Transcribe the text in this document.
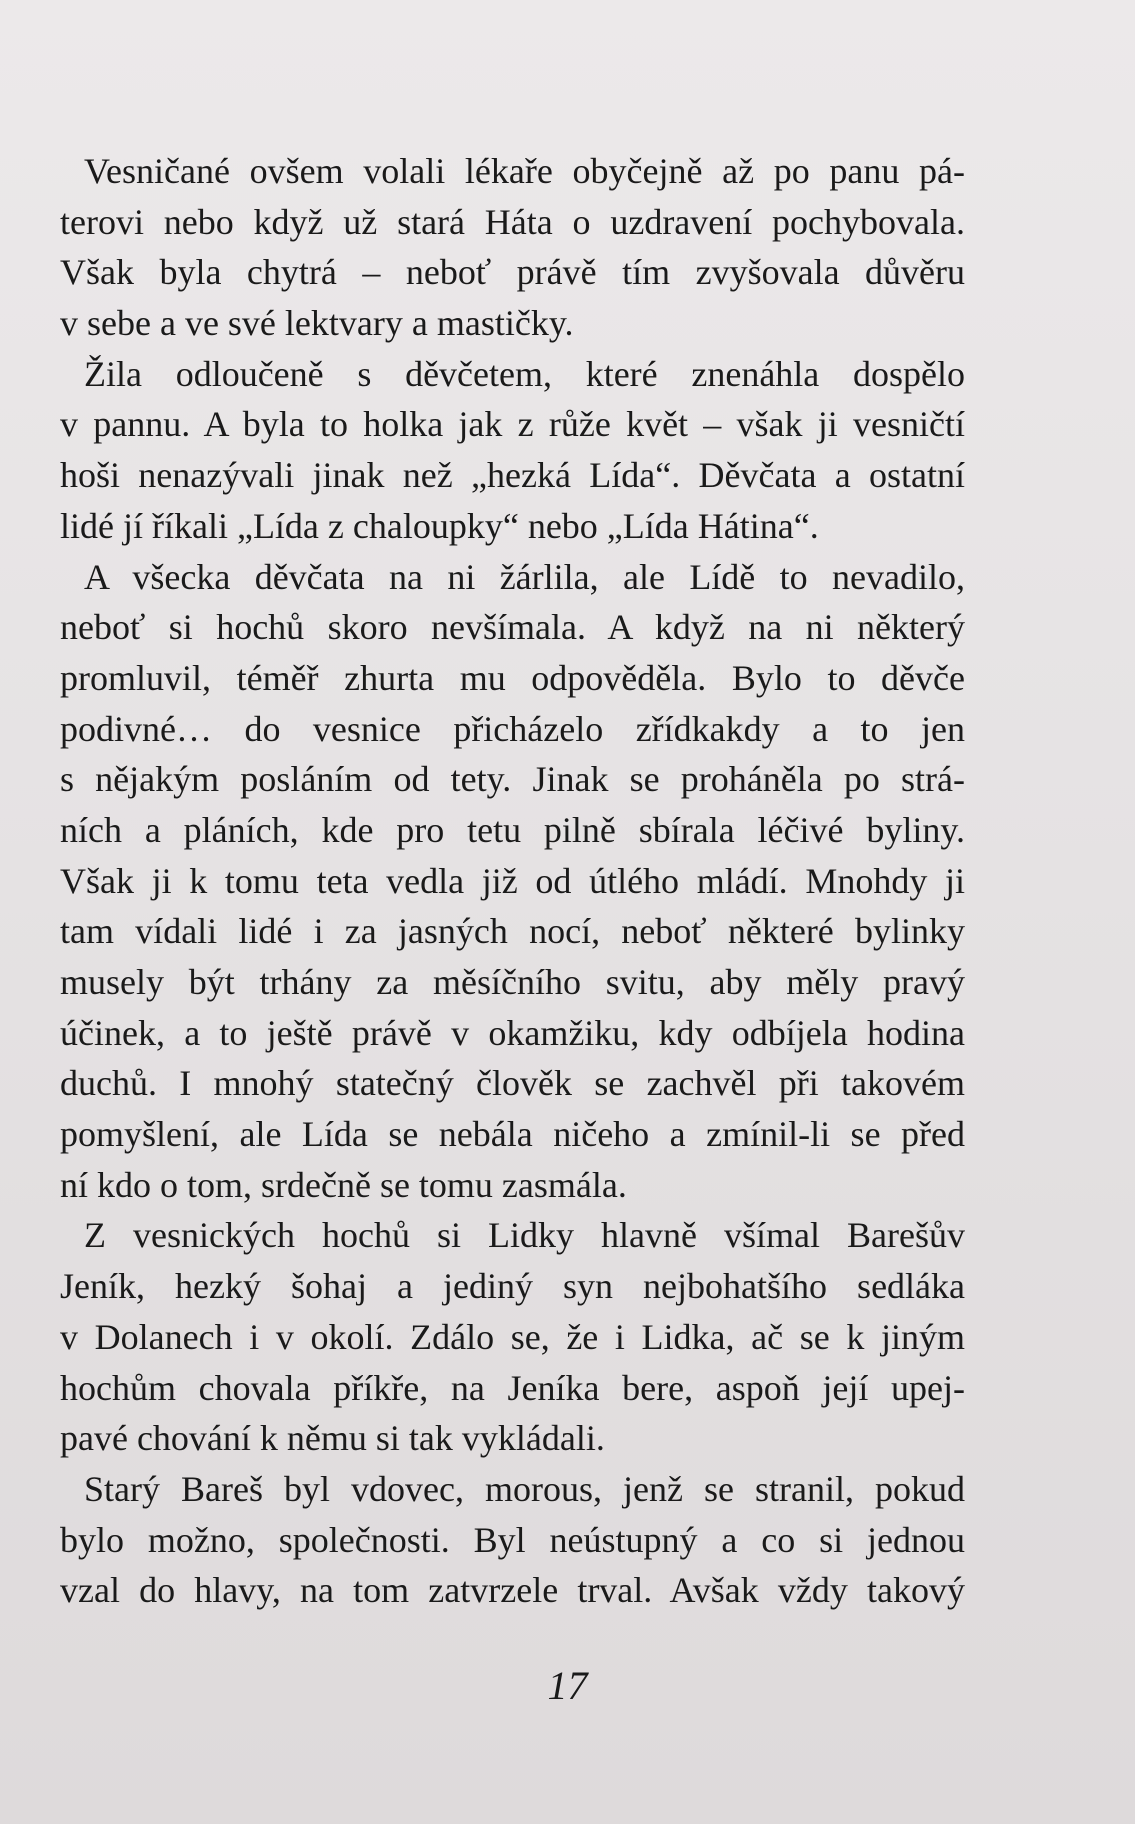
Vesničané ovšem volali lékaře obyčejně až po panu pá-
terovi nebo když už stará Háta o uzdravení pochybovala.
Však byla chytrá – neboť právě tím zvyšovala důvěru
v sebe a ve své lektvary a mastičky.
Žila odloučeně s děvčetem, které znenáhla dospělo
v pannu. A byla to holka jak z růže květ – však ji vesničtí
hoši nenazývali jinak než „hezká Lída“. Děvčata a ostatní
lidé jí říkali „Lída z chaloupky“ nebo „Lída Hátina“.
A všecka děvčata na ni žárlila, ale Lídě to nevadilo,
neboť si hochů skoro nevšímala. A když na ni některý
promluvil, téměř zhurta mu odpověděla. Bylo to děvče
podivné… do vesnice přicházelo zřídkakdy a to jen
s nějakým posláním od tety. Jinak se proháněla po strá-
ních a pláních, kde pro tetu pilně sbírala léčivé byliny.
Však ji k tomu teta vedla již od útlého mládí. Mnohdy ji
tam vídali lidé i za jasných nocí, neboť některé bylinky
musely být trhány za měsíčního svitu, aby měly pravý
účinek, a to ještě právě v okamžiku, kdy odbíjela hodina
duchů. I mnohý statečný člověk se zachvěl při takovém
pomyšlení, ale Lída se nebála ničeho a zmínil-li se před
ní kdo o tom, srdečně se tomu zasmála.
Z vesnických hochů si Lidky hlavně všímal Barešův
Jeník, hezký šohaj a jediný syn nejbohatšího sedláka
v Dolanech i v okolí. Zdálo se, že i Lidka, ač se k jiným
hochům chovala příkře, na Jeníka bere, aspoň její upej-
pavé chování k němu si tak vykládali.
Starý Bareš byl vdovec, morous, jenž se stranil, pokud
bylo možno, společnosti. Byl neústupný a co si jednou
vzal do hlavy, na tom zatvrzele trval. Avšak vždy takový
17
